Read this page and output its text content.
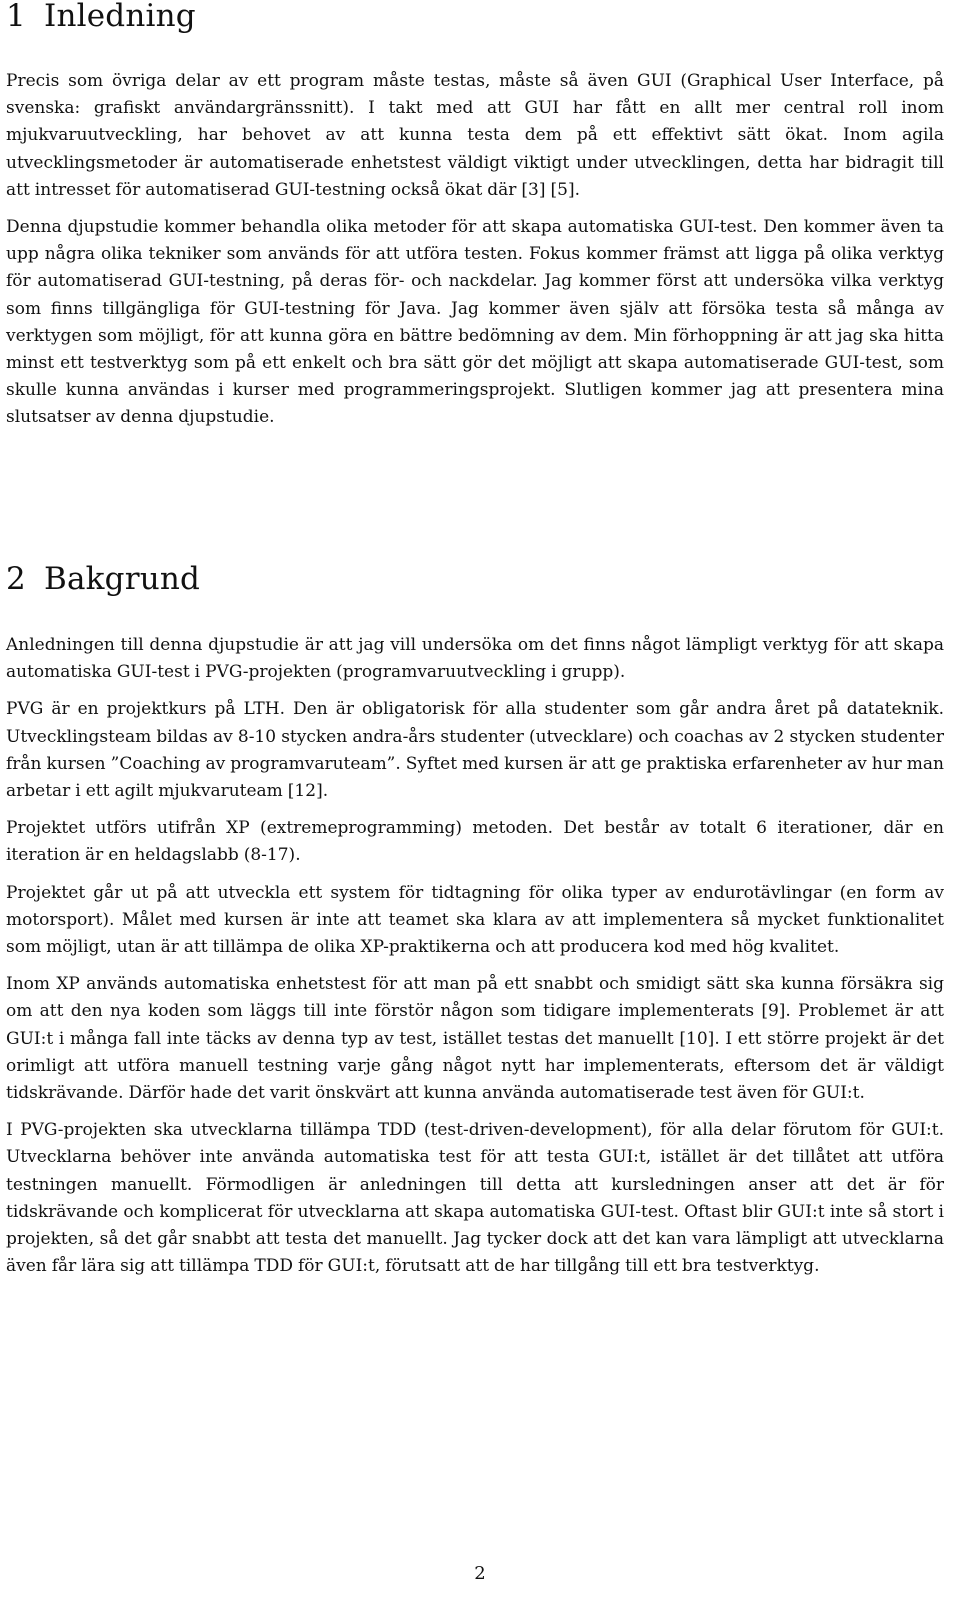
1 Inledning

Precis som övriga delar av ett program måste testas, måste så även GUI (Graphical User Interface, på svenska: grafiskt användargränssnitt). I takt med att GUI har fått en allt mer central roll inom mjukvaruutveckling, har behovet av att kunna testa dem på ett effektivt sätt ökat. Inom agila utvecklingsmetoder är automatiserade enhetstest väldigt viktigt under utvecklingen, detta har bidragit till att intresset för automatiserad GUI-testning också ökat där [3] [5].

Denna djupstudie kommer behandla olika metoder för att skapa automatiska GUI-test. Den kommer även ta upp några olika tekniker som används för att utföra testen. Fokus kommer främst att ligga på olika verktyg för automatiserad GUI-testning, på deras för- och nackdelar. Jag kommer först att undersöka vilka verktyg som finns tillgängliga för GUI-testning för Java. Jag kommer även själv att försöka testa så många av verktygen som möjligt, för att kunna göra en bättre bedömning av dem. Min förhoppning är att jag ska hitta minst ett testverktyg som på ett enkelt och bra sätt gör det möjligt att skapa automatiserade GUI-test, som skulle kunna användas i kurser med programmeringsprojekt. Slutligen kommer jag att presentera mina slutsatser av denna djupstudie.

2 Bakgrund

Anledningen till denna djupstudie är att jag vill undersöka om det finns något lämpligt verktyg för att skapa automatiska GUI-test i PVG-projekten (programvaruutveckling i grupp).

PVG är en projektkurs på LTH. Den är obligatorisk för alla studenter som går andra året på datateknik. Utvecklingsteam bildas av 8-10 stycken andra-års studenter (utvecklare) och coachas av 2 stycken studenter från kursen ”Coaching av programvaruteam”. Syftet med kursen är att ge praktiska erfarenheter av hur man arbetar i ett agilt mjukvaruteam [12].

Projektet utförs utifrån XP (extremeprogramming) metoden. Det består av totalt 6 iterationer, där en iteration är en heldagslabb (8-17).

Projektet går ut på att utveckla ett system för tidtagning för olika typer av endurotävlingar (en form av motorsport). Målet med kursen är inte att teamet ska klara av att implementera så mycket funktionalitet som möjligt, utan är att tillämpa de olika XP-praktikerna och att producera kod med hög kvalitet.

Inom XP används automatiska enhetstest för att man på ett snabbt och smidigt sätt ska kunna försäkra sig om att den nya koden som läggs till inte förstör någon som tidigare implementerats [9]. Problemet är att GUI:t i många fall inte täcks av denna typ av test, istället testas det manuellt [10]. I ett större projekt är det orimligt att utföra manuell testning varje gång något nytt har implementerats, eftersom det är väldigt tidskrävande. Därför hade det varit önskvärt att kunna använda automatiserade test även för GUI:t.

I PVG-projekten ska utvecklarna tillämpa TDD (test-driven-development), för alla delar förutom för GUI:t. Utvecklarna behöver inte använda automatiska test för att testa GUI:t, istället är det tillåtet att utföra testningen manuellt. Förmodligen är anledningen till detta att kursledningen anser att det är för tidskrävande och komplicerat för utvecklarna att skapa automatiska GUI-test. Oftast blir GUI:t inte så stort i projekten, så det går snabbt att testa det manuellt. Jag tycker dock att det kan vara lämpligt att utvecklarna även får lära sig att tillämpa TDD för GUI:t, förutsatt att de har tillgång till ett bra testverktyg.

2
